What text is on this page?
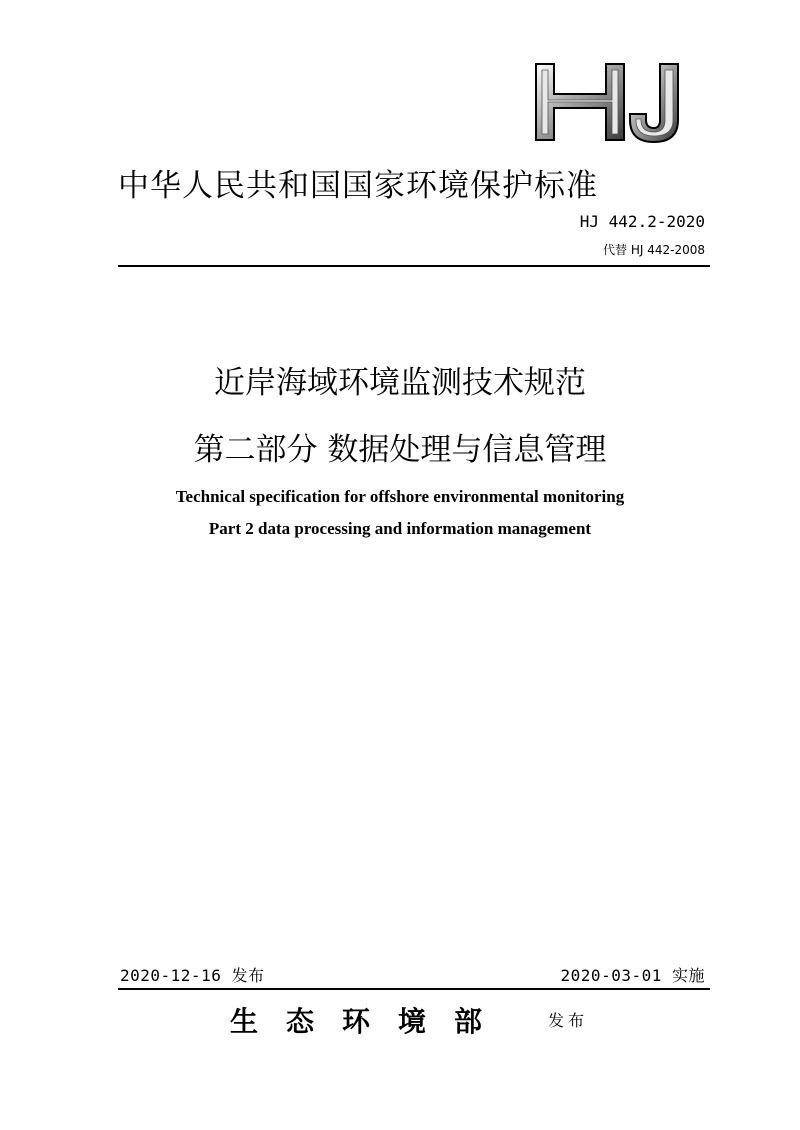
HJ
中华人民共和国国家环境保护标准
HJ 442.2-2020
代替 HJ 442-2008
近岸海域环境监测技术规范
第二部分 数据处理与信息管理
Technical specification for offshore environmental monitoring
Part 2 data processing and information management
2020-12-16 发布	2020-03-01 实施
生态环境部 发布
